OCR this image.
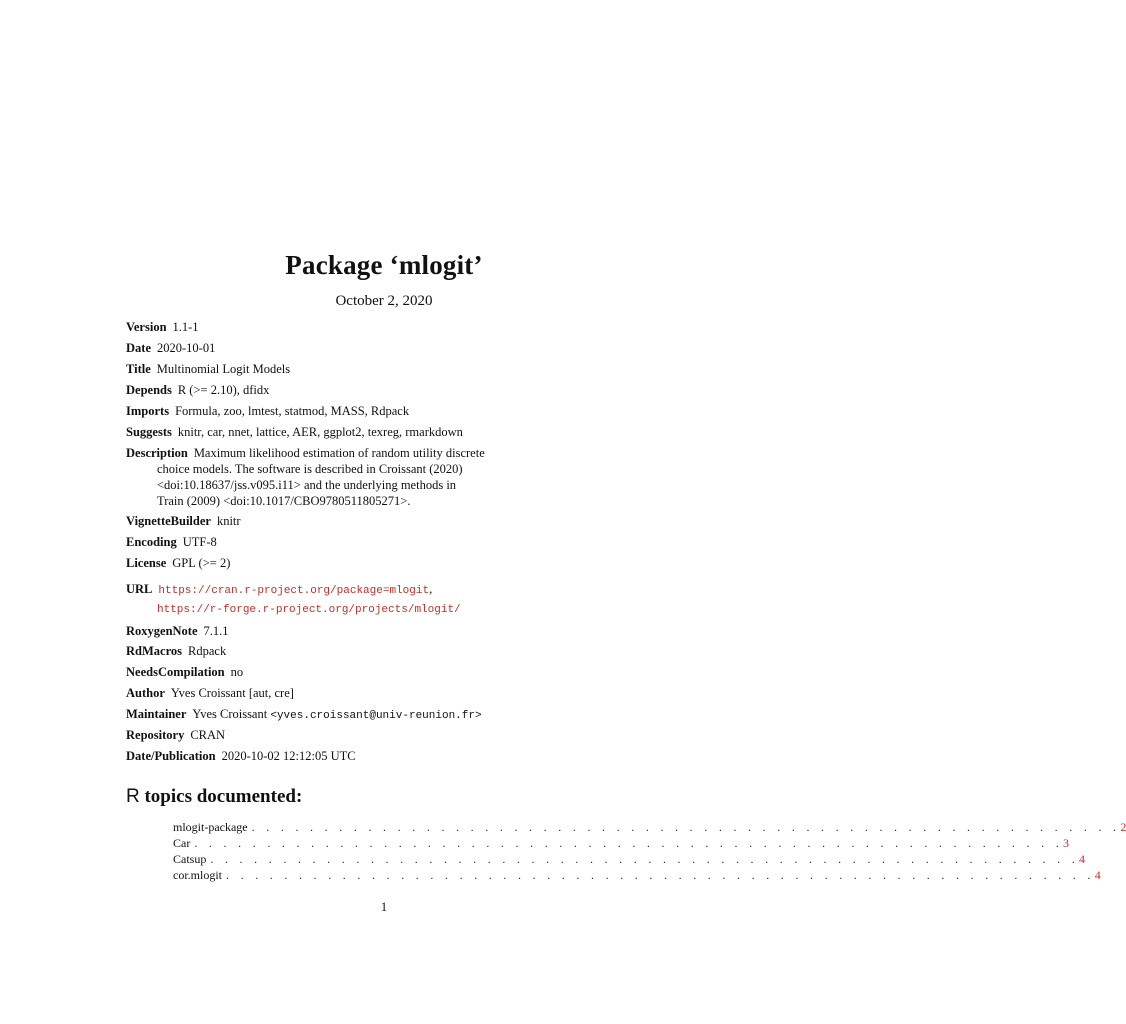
Package ‘mlogit’
October 2, 2020
Version 1.1-1
Date 2020-10-01
Title Multinomial Logit Models
Depends R (>= 2.10), dfidx
Imports Formula, zoo, lmtest, statmod, MASS, Rdpack
Suggests knitr, car, nnet, lattice, AER, ggplot2, texreg, rmarkdown
Description Maximum likelihood estimation of random utility discrete
choice models. The software is described in Croissant (2020)
<doi:10.18637/jss.v095.i11> and the underlying methods in
Train (2009) <doi:10.1017/CBO9780511805271>.
VignetteBuilder knitr
Encoding UTF-8
License GPL (>= 2)
URL https://cran.r-project.org/package=mlogit,
https://r-forge.r-project.org/projects/mlogit/
RoxygenNote 7.1.1
RdMacros Rdpack
NeedsCompilation no
Author Yves Croissant [aut, cre]
Maintainer Yves Croissant <yves.croissant@univ-reunion.fr>
Repository CRAN
Date/Publication 2020-10-02 12:12:05 UTC
R topics documented:
mlogit-package . . . . . . . . . . . . . . . . . . . . . . . . . . . . . . . . . . . . . . . . . . . . . . . . . . . . . . . . . . . . 2
Car . . . . . . . . . . . . . . . . . . . . . . . . . . . . . . . . . . . . . . . . . . . . . . . . . . . . . . . . . . . . 3
Catsup . . . . . . . . . . . . . . . . . . . . . . . . . . . . . . . . . . . . . . . . . . . . . . . . . . . . . . . . . . . . 4
cor.mlogit . . . . . . . . . . . . . . . . . . . . . . . . . . . . . . . . . . . . . . . . . . . . . . . . . . . . . . . . . . . . 4
1
